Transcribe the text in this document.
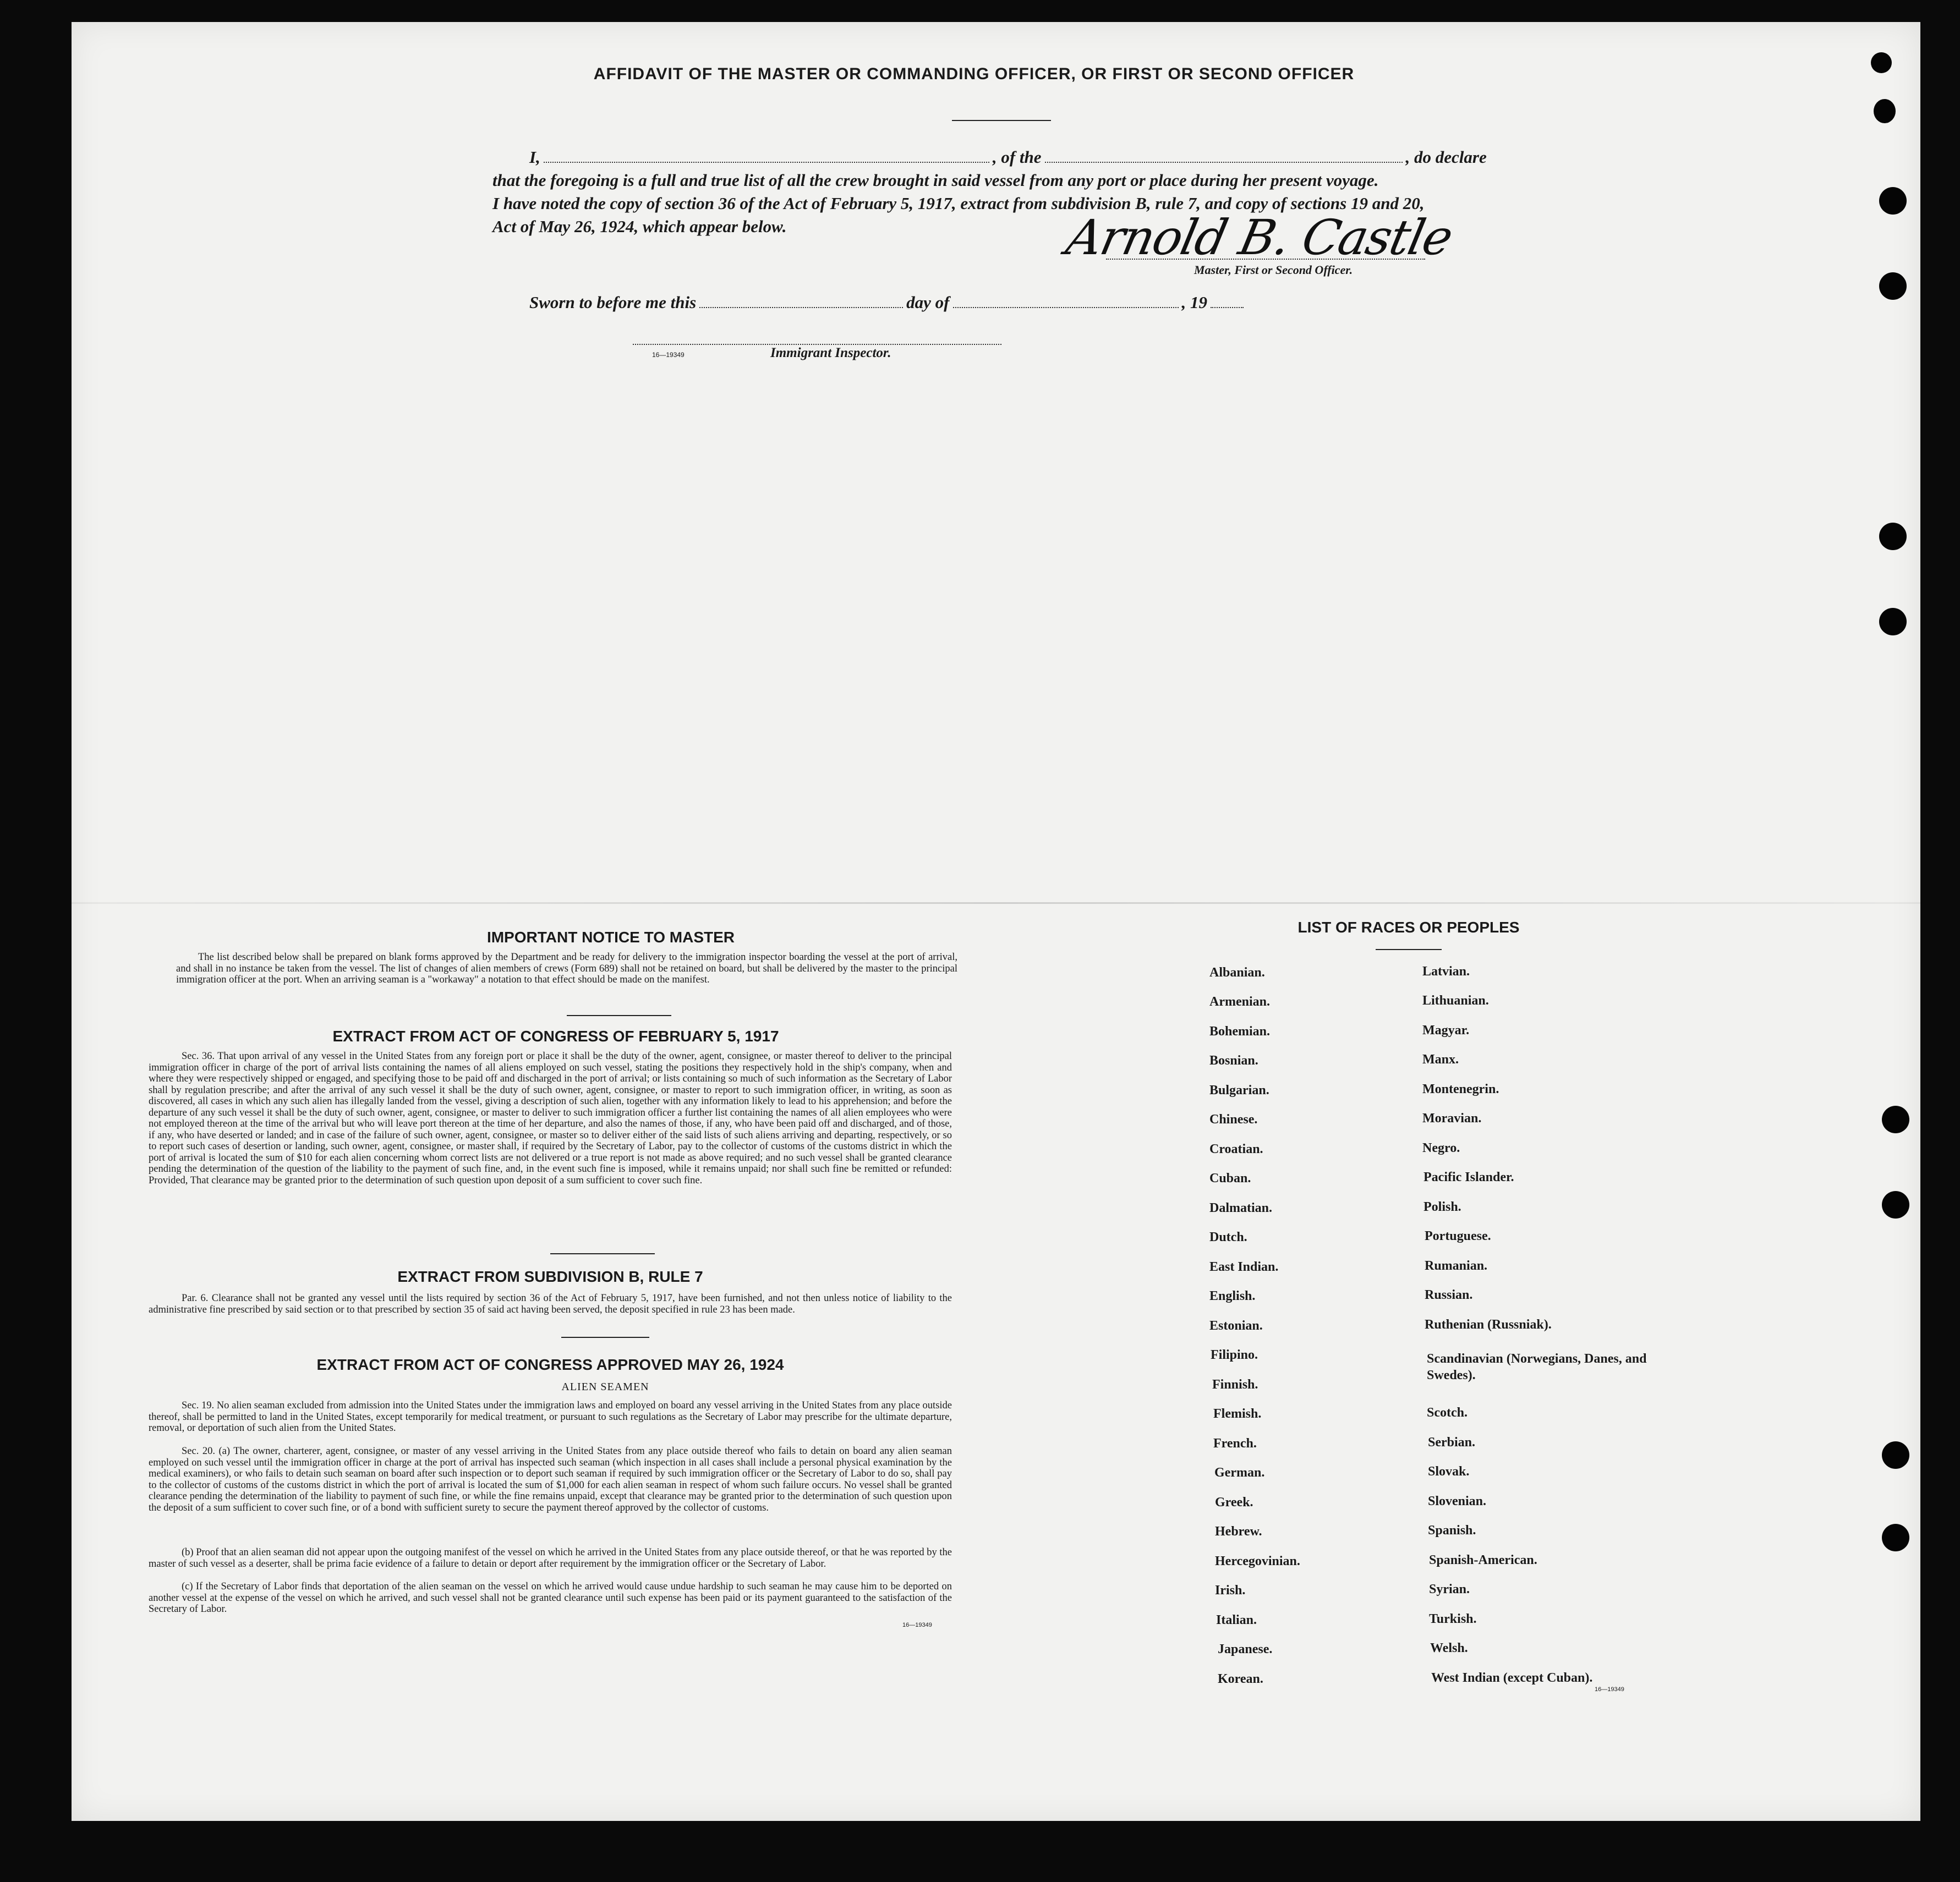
AFFIDAVIT OF THE MASTER OR COMMANDING OFFICER, OR FIRST OR SECOND OFFICER
I,	, of the	, do declare
that the foregoing is a full and true list of all the crew brought in said vessel from any port or place during her present voyage.
I have noted the copy of section 36 of the Act of February 5, 1917, extract from subdivision B, rule 7, and copy of sections 19 and 20,
Act of May 26, 1924, which appear below.	Arnold B. Castle
Master, First or Second Officer.
Sworn to before me this	day of	, 19
16—19349	Immigrant Inspector.
IMPORTANT NOTICE TO MASTER
The list described below shall be prepared on blank forms approved by the Department and be ready for delivery to the immigration inspector boarding the vessel at the port of arrival, and shall in no instance be taken from the vessel. The list of changes of alien members of crews (Form 689) shall not be retained on board, but shall be delivered by the master to the principal immigration officer at the port. When an arriving seaman is a "workaway" a notation to that effect should be made on the manifest.
EXTRACT FROM ACT OF CONGRESS OF FEBRUARY 5, 1917
Sec. 36. That upon arrival of any vessel in the United States from any foreign port or place it shall be the duty of the owner, agent, consignee, or master thereof to deliver to the principal immigration officer in charge of the port of arrival lists containing the names of all aliens employed on such vessel, stating the positions they respectively hold in the ship's company, when and where they were respectively shipped or engaged, and specifying those to be paid off and discharged in the port of arrival; or lists containing so much of such information as the Secretary of Labor shall by regulation prescribe; and after the arrival of any such vessel it shall be the duty of such owner, agent, consignee, or master to report to such immigration officer, in writing, as soon as discovered, all cases in which any such alien has illegally landed from the vessel, giving a description of such alien, together with any information likely to lead to his apprehension; and before the departure of any such vessel it shall be the duty of such owner, agent, consignee, or master to deliver to such immigration officer a further list containing the names of all alien employees who were not employed thereon at the time of the arrival but who will leave port thereon at the time of her departure, and also the names of those, if any, who have been paid off and discharged, and of those, if any, who have deserted or landed; and in case of the failure of such owner, agent, consignee, or master so to deliver either of the said lists of such aliens arriving and departing, respectively, or so to report such cases of desertion or landing, such owner, agent, consignee, or master shall, if required by the Secretary of Labor, pay to the collector of customs of the customs district in which the port of arrival is located the sum of $10 for each alien concerning whom correct lists are not delivered or a true report is not made as above required; and no such vessel shall be granted clearance pending the determination of the question of the liability to the payment of such fine, and, in the event such fine is imposed, while it remains unpaid; nor shall such fine be remitted or refunded: Provided, That clearance may be granted prior to the determination of such question upon deposit of a sum sufficient to cover such fine.
EXTRACT FROM SUBDIVISION B, RULE 7
Par. 6. Clearance shall not be granted any vessel until the lists required by section 36 of the Act of February 5, 1917, have been furnished, and not then unless notice of liability to the administrative fine prescribed by said section or to that prescribed by section 35 of said act having been served, the deposit specified in rule 23 has been made.
EXTRACT FROM ACT OF CONGRESS APPROVED MAY 26, 1924
ALIEN SEAMEN
Sec. 19. No alien seaman excluded from admission into the United States under the immigration laws and employed on board any vessel arriving in the United States from any place outside thereof, shall be permitted to land in the United States, except temporarily for medical treatment, or pursuant to such regulations as the Secretary of Labor may prescribe for the ultimate departure, removal, or deportation of such alien from the United States.
Sec. 20. (a) The owner, charterer, agent, consignee, or master of any vessel arriving in the United States from any place outside thereof who fails to detain on board any alien seaman employed on such vessel until the immigration officer in charge at the port of arrival has inspected such seaman (which inspection in all cases shall include a personal physical examination by the medical examiners), or who fails to detain such seaman on board after such inspection or to deport such seaman if required by such immigration officer or the Secretary of Labor to do so, shall pay to the collector of customs of the customs district in which the port of arrival is located the sum of $1,000 for each alien seaman in respect of whom such failure occurs. No vessel shall be granted clearance pending the determination of the liability to payment of such fine, or while the fine remains unpaid, except that clearance may be granted prior to the determination of such question upon the deposit of a sum sufficient to cover such fine, or of a bond with sufficient surety to secure the payment thereof approved by the collector of customs.
(b) Proof that an alien seaman did not appear upon the outgoing manifest of the vessel on which he arrived in the United States from any place outside thereof, or that he was reported by the master of such vessel as a deserter, shall be prima facie evidence of a failure to detain or deport after requirement by the immigration officer or the Secretary of Labor.
(c) If the Secretary of Labor finds that deportation of the alien seaman on the vessel on which he arrived would cause undue hardship to such seaman he may cause him to be deported on another vessel at the expense of the vessel on which he arrived, and such vessel shall not be granted clearance until such expense has been paid or its payment guaranteed to the satisfaction of the Secretary of Labor.
16—19349
LIST OF RACES OR PEOPLES
Albanian.
Armenian.
Bohemian.
Bosnian.
Bulgarian.
Chinese.
Croatian.
Cuban.
Dalmatian.
Dutch.
East Indian.
English.
Estonian.
Filipino.
Finnish.
Flemish.
French.
German.
Greek.
Hebrew.
Hercegovinian.
Irish.
Italian.
Japanese.
Korean.
Latvian.
Lithuanian.
Magyar.
Manx.
Montenegrin.
Moravian.
Negro.
Pacific Islander.
Polish.
Portuguese.
Rumanian.
Russian.
Ruthenian (Russniak).
Scandinavian (Norwegians, Danes, and Swedes).
Scotch.
Serbian.
Slovak.
Slovenian.
Spanish.
Spanish-American.
Syrian.
Turkish.
Welsh.
West Indian (except Cuban).
16—19349
